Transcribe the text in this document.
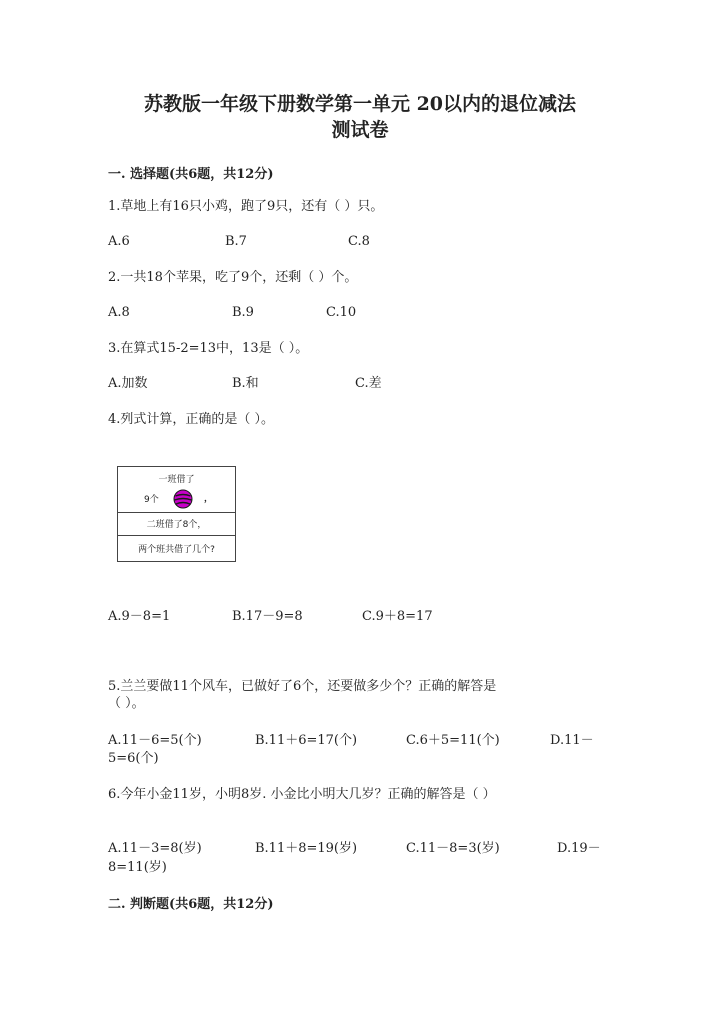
苏教版一年级下册数学第一单元 20以内的退位减法
测试卷
一. 选择题(共6题，共12分)
1.草地上有16只小鸡，跑了9只，还有（ ）只。
A.6	B.7	C.8
2.一共18个苹果，吃了9个，还剩（ ）个。
A.8	B.9	C.10
3.在算式15-2=13中，13是（ ）。
A.加数	B.和	C.差
4.列式计算，正确的是（ ）。
一班借了
9个	，
二班借了8个，
两个班共借了几个?
A.9－8=1	B.17－9=8	C.9＋8=17
5.兰兰要做11个风车，已做好了6个，还要做多少个？正确的解答是
（ ）。
A.11－6=5(个)	B.11＋6=17(个)	C.6＋5=11(个)	D.11－
5=6(个)
6.今年小金11岁，小明8岁. 小金比小明大几岁？正确的解答是（ ）
A.11－3=8(岁)	B.11＋8=19(岁)	C.11－8=3(岁)	D.19－
8=11(岁)
二. 判断题(共6题，共12分)
